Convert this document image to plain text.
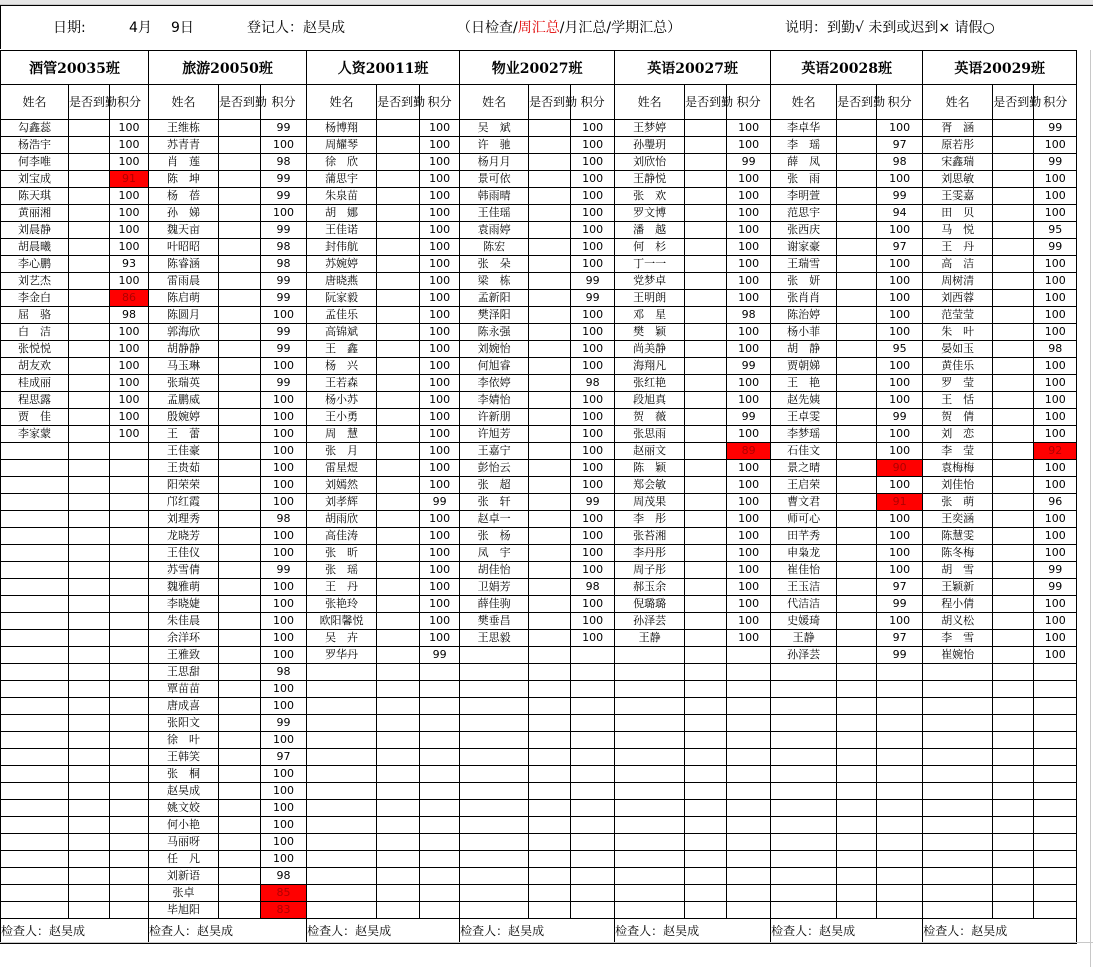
日期:	4月 9日	登记人：赵昊成	（日检查/周汇总/月汇总/学期汇总）	说明：到勤√ 未到或迟到× 请假○
酒管20035班			旅游20050班			人资20011班			物业20027班			英语20027班			英语20028班			英语20029班		
姓名	是否到勤	积分	姓名	是否到勤	积分	姓名	是否到勤	积分	姓名	是否到勤	积分	姓名	是否到勤	积分	姓名	是否到勤	积分	姓名	是否到勤	积分
勾鑫蕊		100	王维栋		99	杨博翔		100	吴　斌		100	王梦婷		100	李卓华		100	胥　涵		99
杨浩宇		100	苏青青		100	周耀琴		100	许　驰		100	孙璺玥		100	李　瑶		97	原若彤		100
何李唯		100	肖　莲		98	徐　欣		100	杨月月		100	刘欣怡		99	薛　凤		98	宋鑫瑞		99
刘宝成		91	陈　坤		99	蒲思宇		100	景可依		100	王静悦		100	张　雨		100	刘思敏		100
陈天琪		100	杨　蓓		99	朱泉苗		100	韩雨晴		100	张　欢		100	李明萱		99	王雯嘉		100
黄丽湘		100	孙　娣		100	胡　娜		100	王佳瑶		100	罗文博		100	范思宇		94	田　贝		100
刘晨静		100	魏天亩		99	王佳诺		100	袁雨婷		100	潘　越		100	张西庆		100	马　悦		95
胡晨曦		100	叶昭昭		98	封伟航		100	陈宏		100	何　杉		100	谢家豪		97	王　丹		99
李心鹏		93	陈睿涵		98	苏婉婷		100	张　朵		100	丁一一		100	王瑞雪		100	高　洁		100
刘艺杰		100	雷雨晨		99	唐晓燕		100	梁　栋		99	党梦卓		100	张　妍		100	周树清		100
李金白		86	陈启萌		99	阮家毅		100	孟新阳		99	王明朗		100	张肖肖		100	刘西蓉		100
屈　骆		98	陈圆月		100	孟佳乐		100	樊泽阳		100	邓　星		98	陈治婷		100	范莹莹		100
白　洁		100	郭海欣		99	高锦斌		100	陈永强		100	樊　颖		100	杨小菲		100	朱　叶		100
张悦悦		100	胡静静		99	王　鑫		100	刘婉怡		100	尚美静		100	胡　静		95	晏如玉		98
胡友欢		100	马玉琳		100	杨　兴		100	何旭睿		100	海翔凡		99	贾朝娣		100	黄佳乐		100
桂成丽		100	张瑞英		99	王若森		100	李依婷		98	张红艳		100	王　艳		100	罗　莹		100
程思露		100	孟鹏威		100	杨小苏		100	李婧怡		100	段旭真		100	赵先姨		100	王　恬		100
贾　佳		100	殷婉婷		100	王小勇		100	许新朋		100	贺　薇		99	王卓雯		99	贺　倩		100
李家蒙		100	王　蕾		100	周　慧		100	许旭芳		100	张思雨		100	李梦瑶		100	刘　恋		100
			王佳豪		100	张　月		100	王嘉宁		100	赵丽文		89	石佳文		100	李　莹		92
			王贵茹		100	雷星煜		100	彭怡云		100	陈　颖		100	景之晴		90	袁梅梅		100
			阳荣荣		100	刘嫣然		100	张　超		100	郑会敏		100	王启荣		100	刘佳怡		100
			邝红霞		100	刘孝辉		99	张　轩		99	周茂果		100	曹文君		91	张　萌		96
			刘理秀		98	胡雨欣		100	赵卓一		100	李　彤		100	师可心		100	王奕涵		100
			龙晓芳		100	高佳涛		100	张　杨		100	张苔湘		100	田芊秀		100	陈慧雯		100
			王佳仪		100	张　昕		100	凤　宇		100	李丹彤		100	申枭龙		100	陈冬梅		100
			苏雪倩		99	张　瑶		100	胡佳怡		100	周子彤		100	崔佳怡		100	胡　雪		99
			魏雅萌		100	王　丹		100	卫娟芳		98	郝玉余		100	王玉洁		97	王颖新		99
			李晓婕		100	张艳玲		100	薛佳驹		100	倪璐璐		100	代洁洁		99	程小倩		100
			朱佳晨		100	欧阳馨悦		100	樊垂昌		100	孙泽芸		100	史媛琦		100	胡义松		100
			余洋环		100	吴　卉		100	王思毅		100	王静		100	王静		97	李　雪		100
			王雅致		100	罗华丹		99							孙泽芸		99	崔婉怡		100
			王思甜		98															
			覃苗苗		100															
			唐成喜		100															
			张阳文		99															
			徐　叶		100															
			王韩笑		97															
			张　桐		100															
			赵昊成		100															
			姚文姣		100															
			何小艳		100															
			马丽呀		100															
			任　凡		100															
			刘新语		98															
			张卓		85															
			毕旭阳		83															
检查人：赵昊成			检查人：赵昊成			检查人：赵昊成			检查人：赵昊成			检查人：赵昊成			检查人：赵昊成			检查人：赵昊成		
